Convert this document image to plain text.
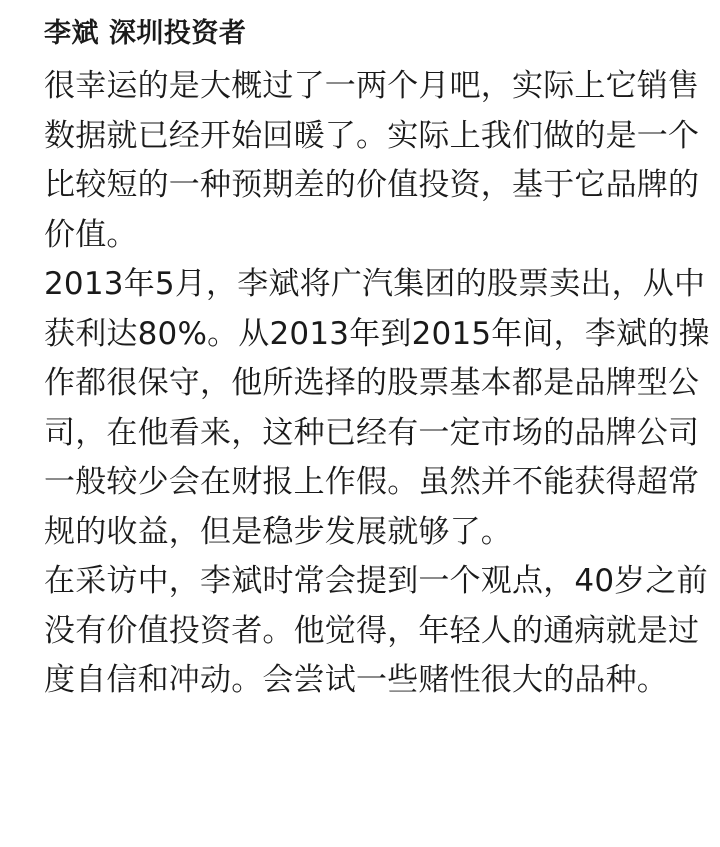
李斌 深圳投资者
很幸运的是大概过了一两个月吧，实际上它销售
数据就已经开始回暖了。实际上我们做的是一个
比较短的一种预期差的价值投资，基于它品牌的
价值。
2013年5月，李斌将广汽集团的股票卖出，从中
获利达80%。从2013年到2015年间，李斌的操
作都很保守，他所选择的股票基本都是品牌型公
司，在他看来，这种已经有一定市场的品牌公司
一般较少会在财报上作假。虽然并不能获得超常
规的收益，但是稳步发展就够了。
在采访中，李斌时常会提到一个观点，40岁之前
没有价值投资者。他觉得，年轻人的通病就是过
度自信和冲动。会尝试一些赌性很大的品种。
